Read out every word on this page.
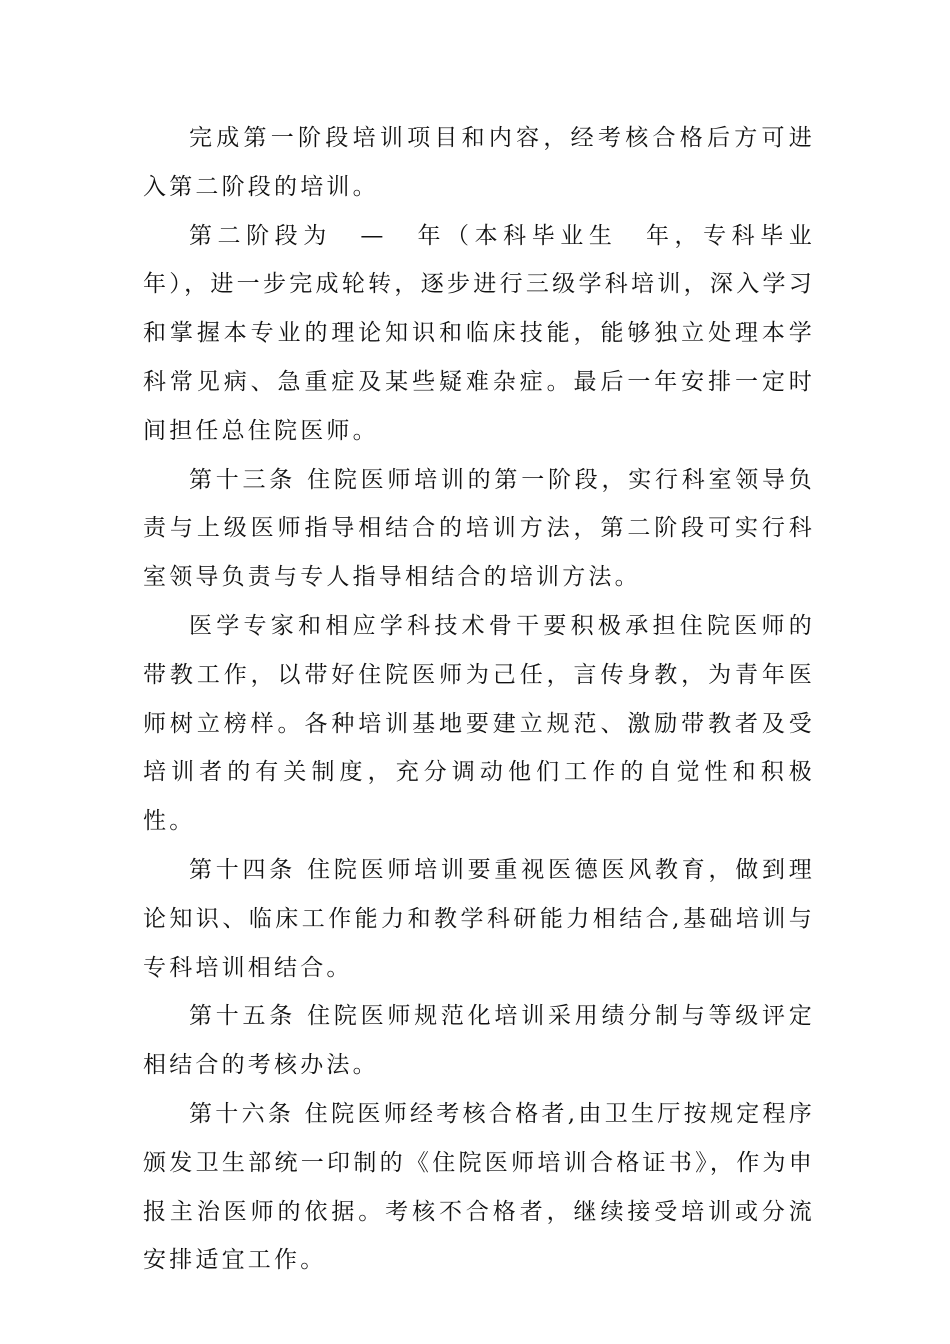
完成第一阶段培训项目和内容，经考核合格后方可进入第二阶段的培训。

第二阶段为　—　年（本科毕业生　年，专科毕业　年），进一步完成轮转，逐步进行三级学科培训，深入学习和掌握本专业的理论知识和临床技能，能够独立处理本学科常见病、急重症及某些疑难杂症。最后一年安排一定时间担任总住院医师。

第十三条 住院医师培训的第一阶段，实行科室领导负责与上级医师指导相结合的培训方法，第二阶段可实行科室领导负责与专人指导相结合的培训方法。

医学专家和相应学科技术骨干要积极承担住院医师的带教工作，以带好住院医师为己任，言传身教，为青年医师树立榜样。各种培训基地要建立规范、激励带教者及受培训者的有关制度，充分调动他们工作的自觉性和积极性。

第十四条 住院医师培训要重视医德医风教育，做到理论知识、临床工作能力和教学科研能力相结合,基础培训与专科培训相结合。

第十五条 住院医师规范化培训采用绩分制与等级评定相结合的考核办法。

第十六条 住院医师经考核合格者,由卫生厅按规定程序颁发卫生部统一印制的《住院医师培训合格证书》，作为申报主治医师的依据。考核不合格者，继续接受培训或分流安排适宜工作。
